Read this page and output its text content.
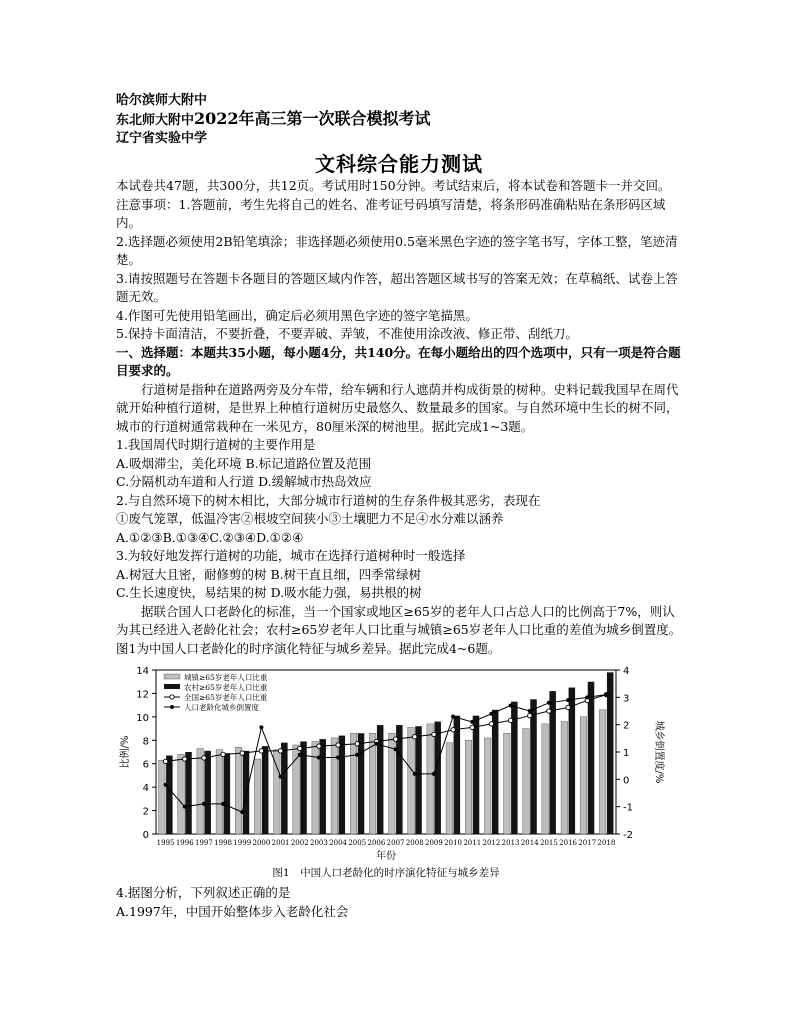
哈尔滨师大附中
东北师大附中2022年高三第一次联合模拟考试
辽宁省实验中学
文科综合能力测试

本试卷共47题，共300分，共12页。考试用时150分钟。考试结束后，将本试卷和答题卡一并交回。

注意事项：1.答题前，考生先将自己的姓名、准考证号码填写清楚，将条形码准确粘贴在条形码区域内。

2.选择题必须使用2B铅笔填涂；非选择题必须使用0.5毫米黑色字迹的签字笔书写，字体工整，笔迹清楚。

3.请按照题号在答题卡各题目的答题区域内作答，超出答题区域书写的答案无效；在草稿纸、试卷上答题无效。

4.作图可先使用铅笔画出，确定后必须用黑色字迹的签字笔描黑。

5.保持卡面清洁，不要折叠，不要弄破、弄皱，不准使用涂改液、修正带、刮纸刀。

一、选择题：本题共35小题，每小题4分，共140分。在每小题给出的四个选项中，只有一项是符合题目要求的。

行道树是指种在道路两旁及分车带，给车辆和行人遮荫并构成街景的树种。史料记载我国早在周代就开始种植行道树，是世界上种植行道树历史最悠久、数量最多的国家。与自然环境中生长的树不同，城市的行道树通常栽种在一米见方，80厘米深的树池里。据此完成1~3题。

1.我国周代时期行道树的主要作用是

A.吸烟滞尘，美化环境 B.标记道路位置及范围

C.分隔机动车道和人行道 D.缓解城市热岛效应

2.与自然环境下的树木相比，大部分城市行道树的生存条件极其恶劣，表现在

①废气笼罩，低温冷害②根坡空间狭小③土壤肥力不足④水分难以涵养

A.①②③B.①③④C.②③④D.①②④

3.为较好地发挥行道树的功能，城市在选择行道树种时一般选择

A.树冠大且密，耐修剪的树 B.树干直且细，四季常绿树

C.生长速度快，易结果的树 D.吸水能力强，易拱根的树

据联合国人口老龄化的标准，当一个国家或地区≥65岁的老年人口占总人口的比例高于7%，则认为其已经进入老龄化社会；农村≥65岁老年人口比重与城镇≥65岁老年人口比重的差值为城乡倒置度。图1为中国人口老龄化的时序演化特征与城乡差异。据此完成4~6题。

0
2
4
6
8
10
12
14
-2
-1
0
1
2
3
4
1995 1996 1997 1998 1999 2000 2001 2002 2003 2004 2005 2006 2007 2008 2009 2010 2011 2012 2013 2014 2015 2016 2017 2018
城镇≥65岁老年人口比重
农村≥65岁老年人口比重
全国≥65岁老年人口比重
人口老龄化城乡倒置度
比例/%	城乡倒置度/%
年份
图1　中国人口老龄化的时序演化特征与城乡差异

4.据图分析，下列叙述正确的是

A.1997年，中国开始整体步入老龄化社会
